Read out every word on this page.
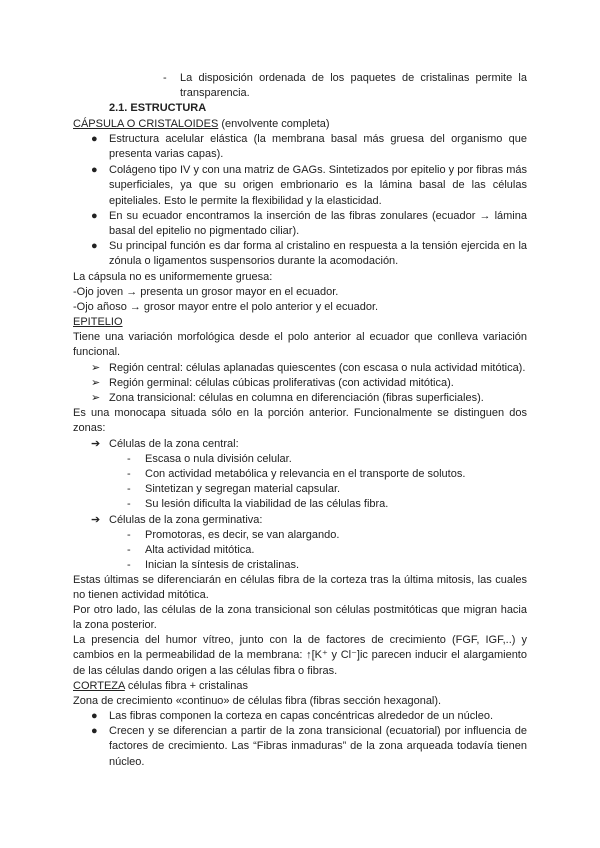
- La disposición ordenada de los paquetes de cristalinas permite la transparencia.

2.1. ESTRUCTURA
CÁPSULA O CRISTALOIDES (envolvente completa)
● Estructura acelular elástica (la membrana basal más gruesa del organismo que presenta varias capas).

● Colágeno tipo IV y con una matriz de GAGs. Sintetizados por epitelio y por fibras más superficiales, ya que su origen embrionario es la lámina basal de las células epiteliales. Esto le permite la flexibilidad y la elasticidad.

● En su ecuador encontramos la inserción de las fibras zonulares (ecuador → lámina basal del epitelio no pigmentado ciliar).

● Su principal función es dar forma al cristalino en respuesta a la tensión ejercida en la zónula o ligamentos suspensorios durante la acomodación.

La cápsula no es uniformemente gruesa:
-Ojo joven → presenta un grosor mayor en el ecuador.
-Ojo añoso → grosor mayor entre el polo anterior y el ecuador.
EPITELIO

Tiene una variación morfológica desde el polo anterior al ecuador que conlleva variación funcional.

➢ Región central: células aplanadas quiescentes (con escasa o nula actividad mitótica).

➢ Región germinal: células cúbicas proliferativas (con actividad mitótica).

➢ Zona transicional: células en columna en diferenciación (fibras superficiales).

Es una monocapa situada sólo en la porción anterior. Funcionalmente se distinguen dos zonas:

➔ Células de la zona central:
- Escasa o nula división celular.
- Con actividad metabólica y relevancia en el transporte de solutos.
- Sintetizan y segregan material capsular.
- Su lesión dificulta la viabilidad de las células fibra.
➔ Células de la zona germinativa:
- Promotoras, es decir, se van alargando.
- Alta actividad mitótica.
- Inician la síntesis de cristalinas.

Estas últimas se diferenciarán en células fibra de la corteza tras la última mitosis, las cuales no tienen actividad mitótica.

Por otro lado, las células de la zona transicional son células postmitóticas que migran hacia la zona posterior.

La presencia del humor vítreo, junto con la de factores de crecimiento (FGF, IGF,..) y cambios en la permeabilidad de la membrana: ↑[K⁺ y Cl⁻]ic parecen inducir el alargamiento de las células dando origen a las células fibra o fibras.

CORTEZA células fibra + cristalinas

Zona de crecimiento «continuo» de células fibra (fibras sección hexagonal).

● Las fibras componen la corteza en capas concéntricas alrededor de un núcleo.

● Crecen y se diferencian a partir de la zona transicional (ecuatorial) por influencia de factores de crecimiento. Las “Fibras inmaduras” de la zona arqueada todavía tienen núcleo.
